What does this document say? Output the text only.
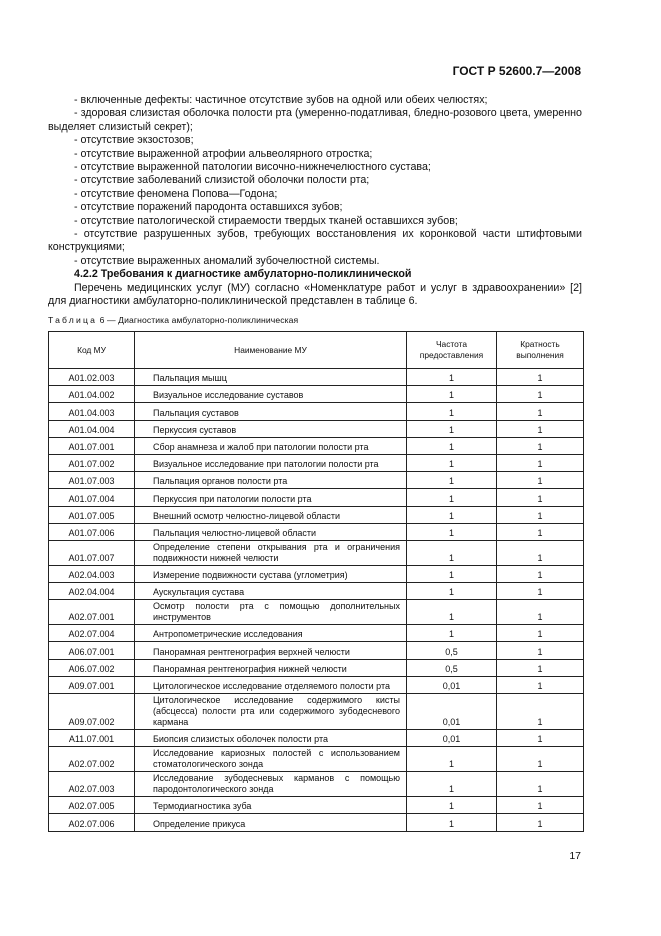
ГОСТ Р 52600.7—2008

- включенные дефекты: частичное отсутствие зубов на одной или обеих челюстях;

- здоровая слизистая оболочка полости рта (умеренно-податливая, бледно-розового цвета, умеренно выделяет слизистый секрет);

- отсутствие экзостозов;

- отсутствие выраженной атрофии альвеолярного отростка;

- отсутствие выраженной патологии височно-нижнечелюстного сустава;

- отсутствие заболеваний слизистой оболочки полости рта;

- отсутствие феномена Попова—Годона;

- отсутствие поражений пародонта оставшихся зубов;

- отсутствие патологической стираемости твердых тканей оставшихся зубов;

- отсутствие разрушенных зубов, требующих восстановления их коронковой части штифтовыми конструкциями;

- отсутствие выраженных аномалий зубочелюстной системы.

4.2.2 Требования к диагностике амбулаторно-поликлинической

Перечень медицинских услуг (МУ) согласно «Номенклатуре работ и услуг в здравоохранении» [2] для диагностики амбулаторно-поликлинической представлен в таблице 6.

Таблица 6 — Диагностика амбулаторно-поликлиническая
Код МУ	Наименование МУ	Частота предоставления	Кратность выполнения
A01.02.003	Пальпация мышц	1	1
A01.04.002	Визуальное исследование суставов	1	1
A01.04.003	Пальпация суставов	1	1
A01.04.004	Перкуссия суставов	1	1
A01.07.001	Сбор анамнеза и жалоб при патологии полости рта	1	1
A01.07.002	Визуальное исследование при патологии полости рта	1	1
A01.07.003	Пальпация органов полости рта	1	1
A01.07.004	Перкуссия при патологии полости рта	1	1
A01.07.005	Внешний осмотр челюстно-лицевой области	1	1
A01.07.006	Пальпация челюстно-лицевой области	1	1
A01.07.007	Определение степени открывания рта и ограничения подвижности нижней челюсти	1	1
A02.04.003	Измерение подвижности сустава (углометрия)	1	1
A02.04.004	Аускультация сустава	1	1
A02.07.001	Осмотр полости рта с помощью дополнительных инструментов	1	1
A02.07.004	Антропометрические исследования	1	1
A06.07.001	Панорамная рентгенография верхней челюсти	0,5	1
A06.07.002	Панорамная рентгенография нижней челюсти	0,5	1
A09.07.001	Цитологическое исследование отделяемого полости рта	0,01	1
A09.07.002	Цитологическое исследование содержимого кисты (абсцесса) полости рта или содержимого зубодесневого кармана	0,01	1
A11.07.001	Биопсия слизистых оболочек полости рта	0,01	1
A02.07.002	Исследование кариозных полостей с использованием стоматологического зонда	1	1
A02.07.003	Исследование зубодесневых карманов с помощью пародонтологического зонда	1	1
A02.07.005	Термодиагностика зуба	1	1
A02.07.006	Определение прикуса	1	1
17
